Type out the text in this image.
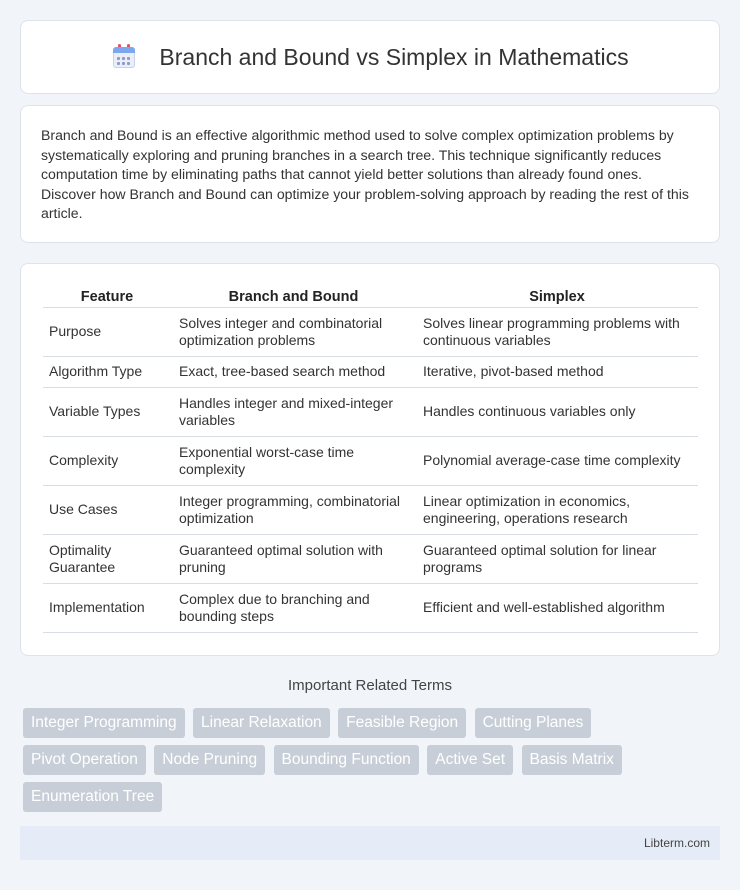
Branch and Bound vs Simplex in Mathematics

Branch and Bound is an effective algorithmic method used to solve complex optimization problems by systematically exploring and pruning branches in a search tree. This technique significantly reduces computation time by eliminating paths that cannot yield better solutions than already found ones. Discover how Branch and Bound can optimize your problem-solving approach by reading the rest of this article.

Feature	Branch and Bound	Simplex
Purpose	Solves integer and combinatorial optimization problems	Solves linear programming problems with continuous variables
Algorithm Type	Exact, tree-based search method	Iterative, pivot-based method
Variable Types	Handles integer and mixed-integer variables	Handles continuous variables only
Complexity	Exponential worst-case time complexity	Polynomial average-case time complexity
Use Cases	Integer programming, combinatorial optimization	Linear optimization in economics, engineering, operations research
Optimality Guarantee	Guaranteed optimal solution with pruning	Guaranteed optimal solution for linear programs
Implementation	Complex due to branching and bounding steps	Efficient and well-established algorithm
Important Related Terms
Integer Programming Linear Relaxation Feasible Region Cutting Planes Pivot Operation Node Pruning Bounding Function Active Set Basis Matrix Enumeration Tree
Libterm.com
